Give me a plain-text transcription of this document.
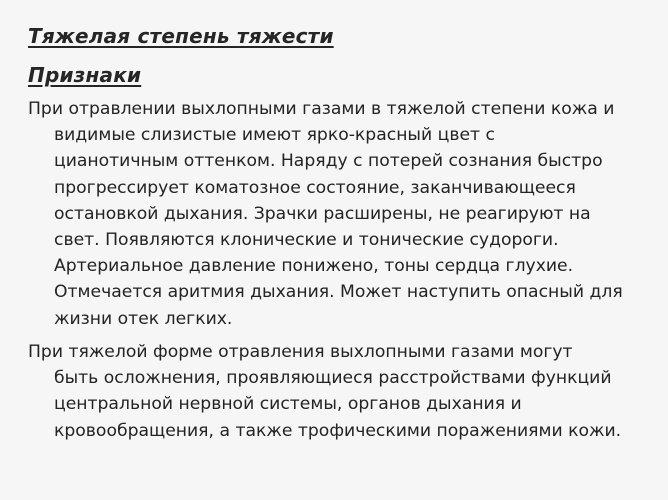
Тяжелая степень тяжести
Признаки

При отравлении выхлопными газами в тяжелой степени кожа и
видимые слизистые имеют ярко-красный цвет с
цианотичным оттенком. Наряду с потерей сознания быстро
прогрессирует коматозное состояние, заканчивающееся
остановкой дыхания. Зрачки расширены, не реагируют на
свет. Появляются клонические и тонические судороги.
Артериальное давление понижено, тоны сердца глухие.
Отмечается аритмия дыхания. Может наступить опасный для
жизни отек легких.

При тяжелой форме отравления выхлопными газами могут
быть осложнения, проявляющиеся расстройствами функций
центральной нервной системы, органов дыхания и
кровообращения, а также трофическими поражениями кожи.
